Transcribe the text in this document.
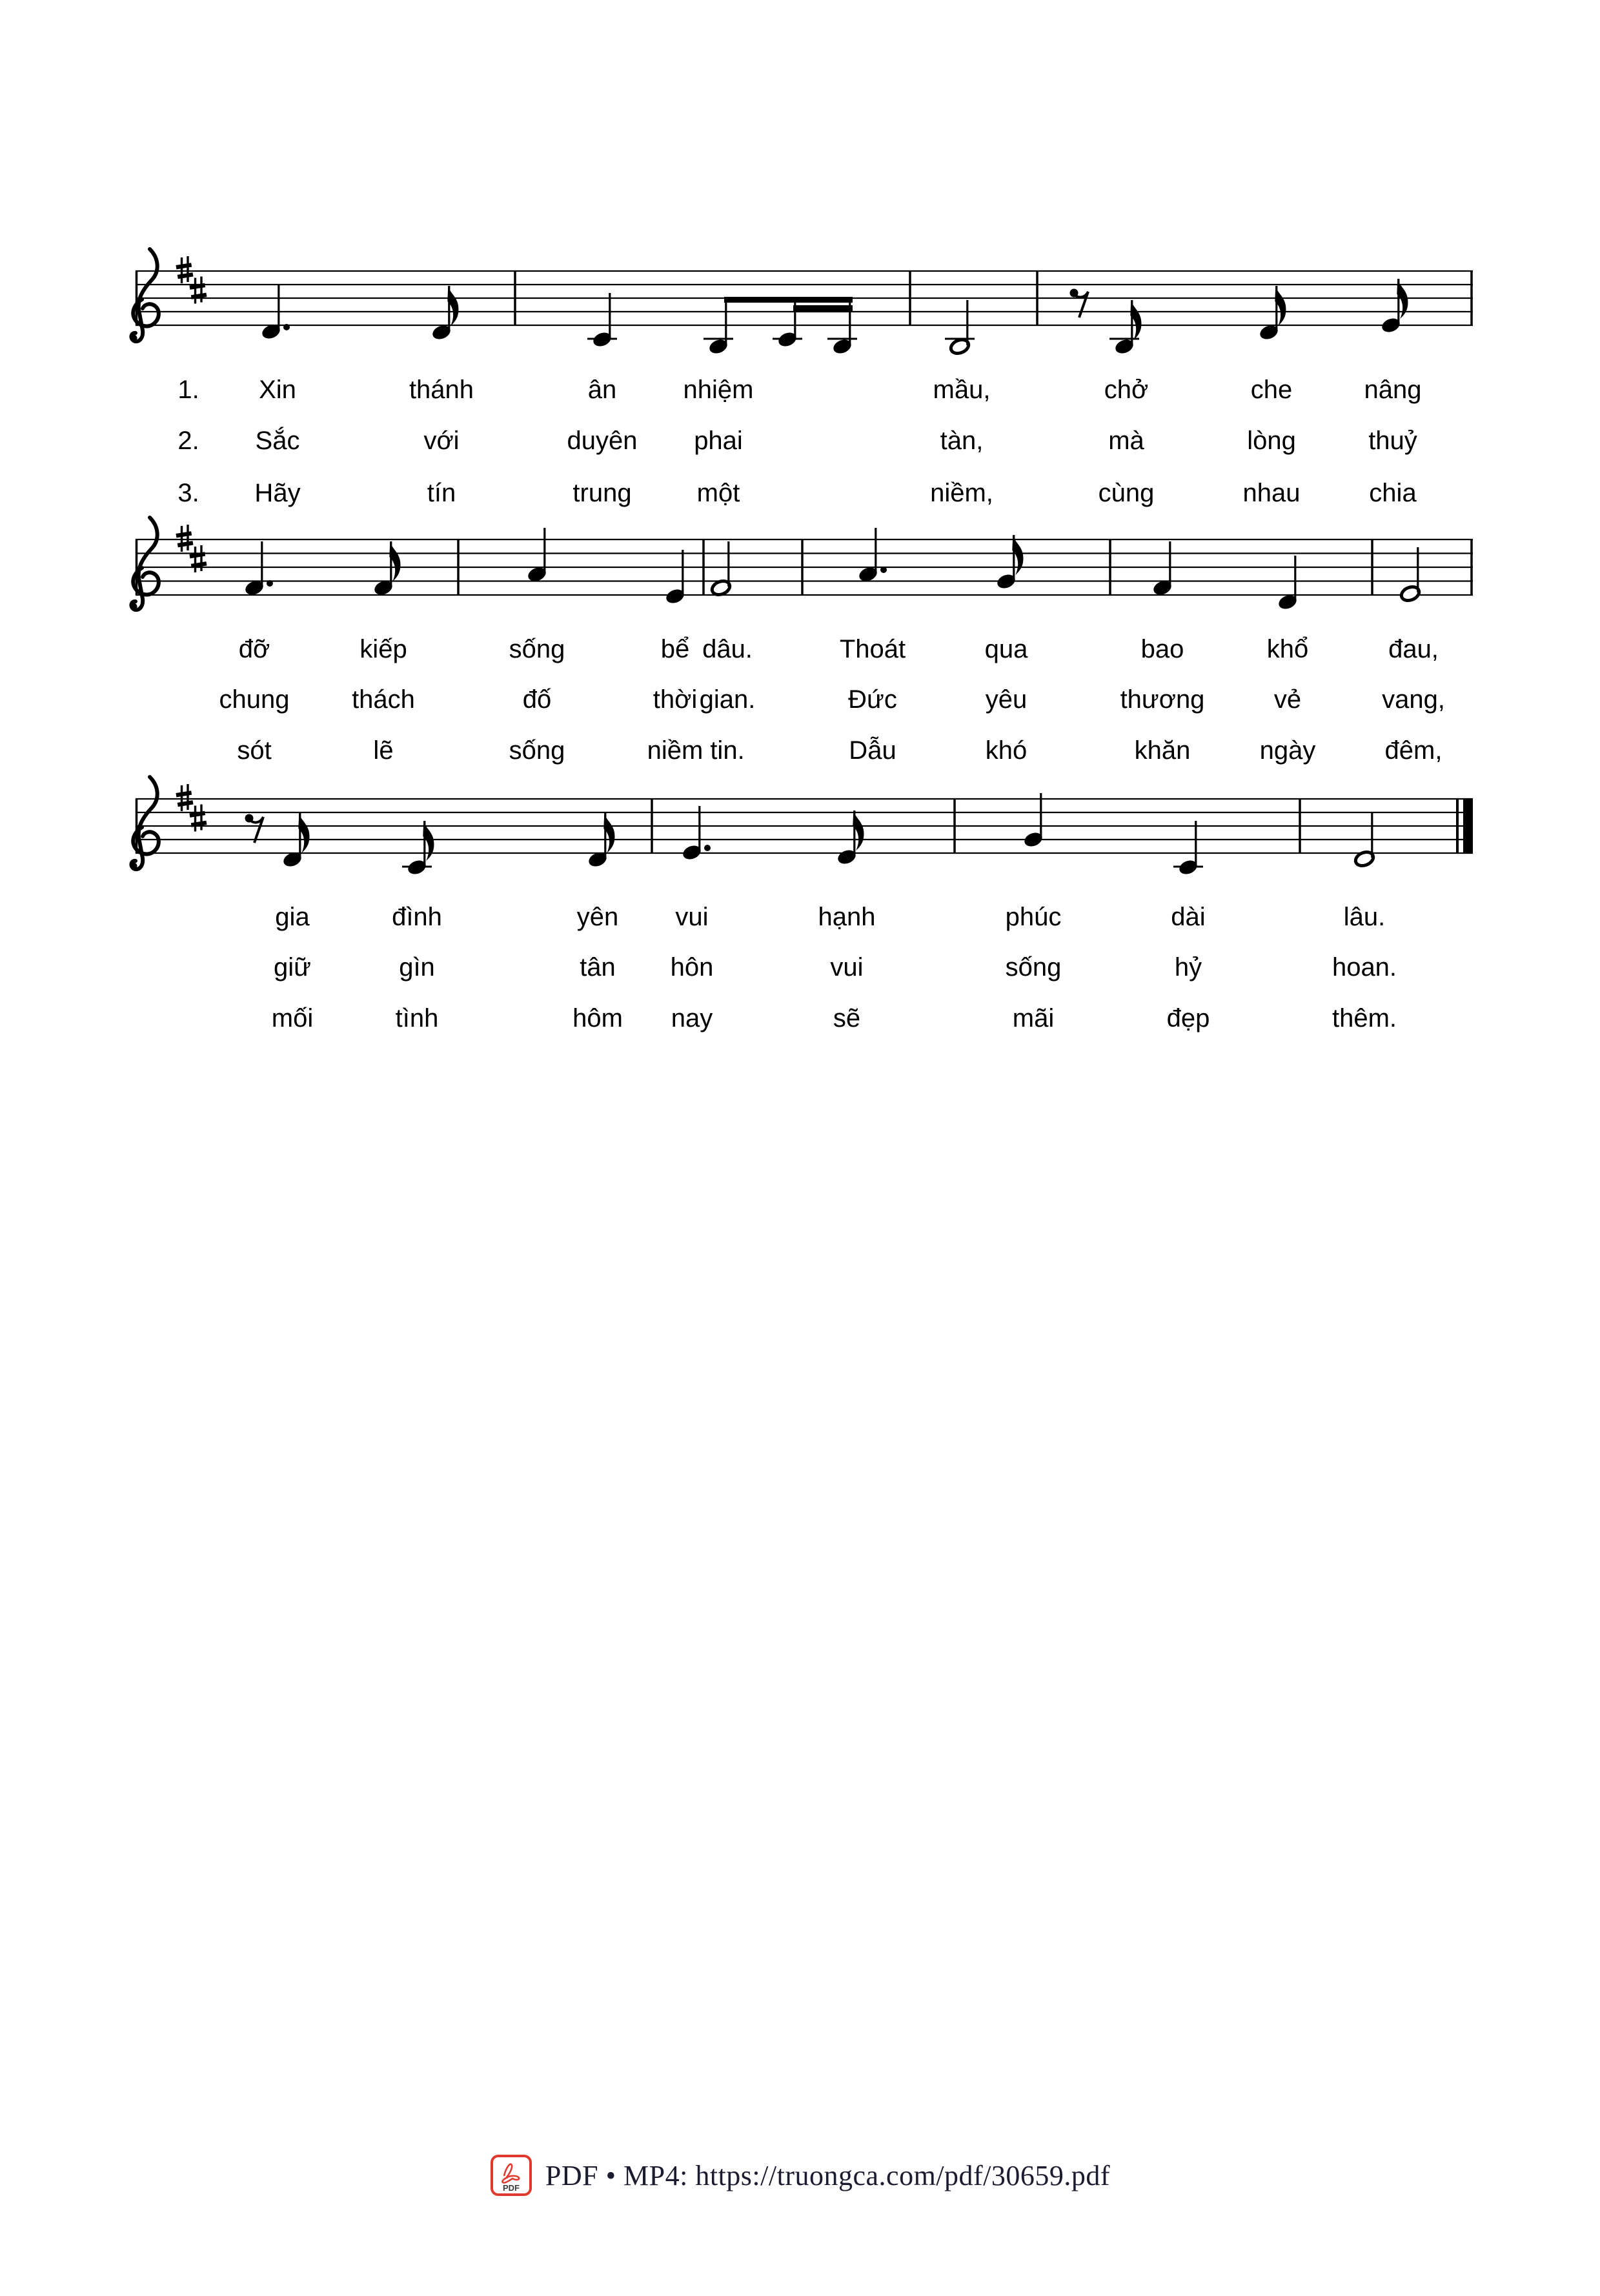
1. Xin	thánh	ân	nhiệm	mầu,	chở	che	nâng
2. Sắc	với	duyên phai	tàn,	mà	lòng	thuỷ
3. Hãy	tín	trung	một	niềm,	cùng	nhau	chia
đỡ	kiếp	sống	bể dâu.	Thoát	qua	bao	khổ	đau,
chung thách	đố	thời gian.	Đức	yêu	thương	vẻ	vang,
sót	lẽ	sống	niềm tin.	Dẫu	khó	khăn	ngày	đêm,
gia	đình	yên vui	hạnh	phúc	dài	lâu.
giữ	gìn	tân hôn	vui	sống	hỷ	hoan.
mối	tình	hôm nay	sẽ	mãi	đẹp	thêm.
PDF PDF • MP4: https://truongca.com/pdf/30659.pdf
